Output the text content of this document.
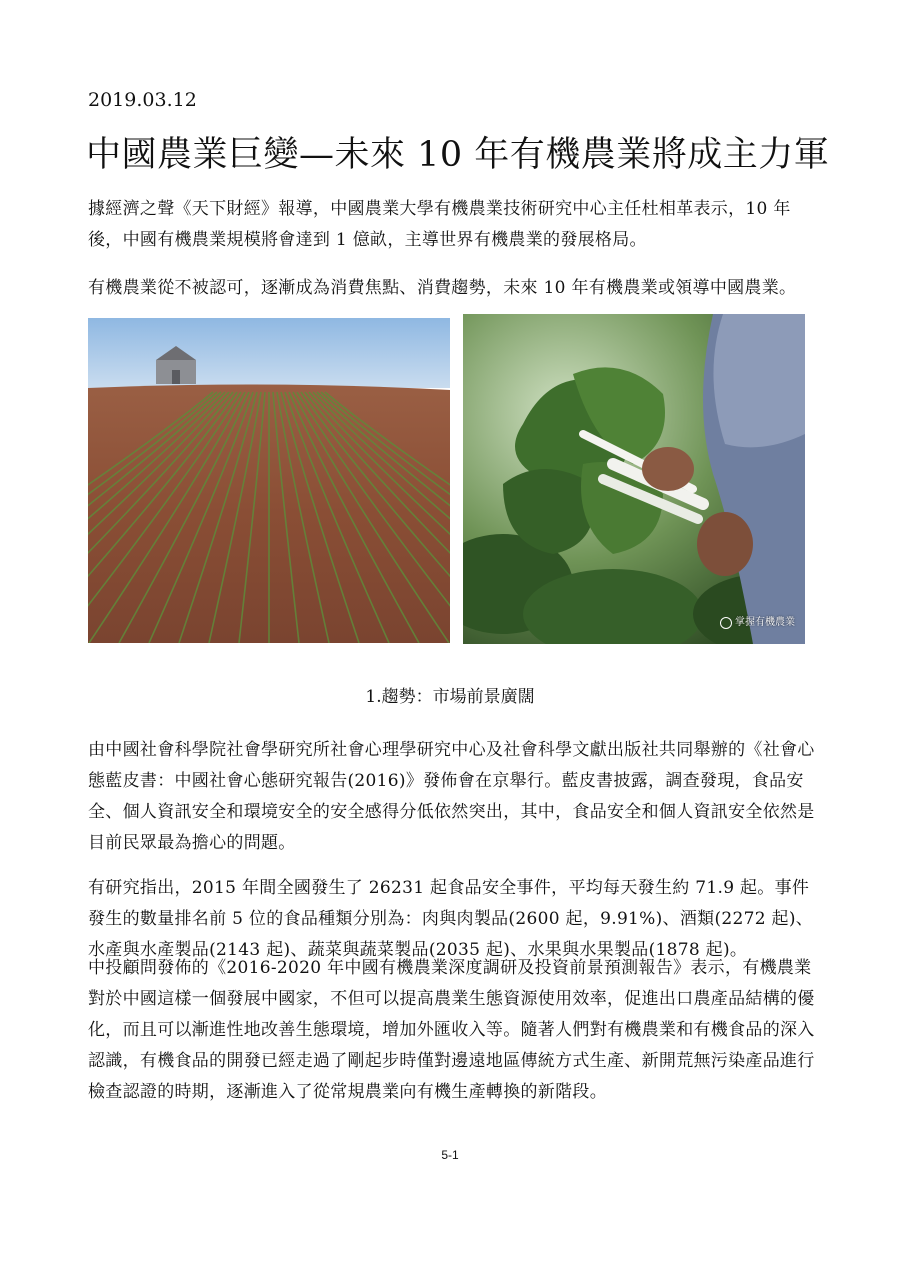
2019.03.12
中國農業巨變—未來 10 年有機農業將成主力軍

據經濟之聲《天下財經》報導，中國農業大學有機農業技術研究中心主任杜相革表示，10 年後，中國有機農業規模將會達到 1 億畝，主導世界有機農業的發展格局。

有機農業從不被認可，逐漸成為消費焦點、消費趨勢，未來 10 年有機農業或領導中國農業。

掌握有機農業
1.趨勢：市場前景廣闊

由中國社會科學院社會學研究所社會心理學研究中心及社會科學文獻出版社共同舉辦的《社會心態藍皮書：中國社會心態研究報告(2016)》發佈會在京舉行。藍皮書披露，調查發現，食品安全、個人資訊安全和環境安全的安全感得分低依然突出，其中，食品安全和個人資訊安全依然是目前民眾最為擔心的問題。

有研究指出，2015 年間全國發生了 26231 起食品安全事件，平均每天發生約 71.9 起。事件發生的數量排名前 5 位的食品種類分別為：肉與肉製品(2600 起，9.91%)、酒類(2272 起)、水產與水產製品(2143 起)、蔬菜與蔬菜製品(2035 起)、水果與水果製品(1878 起)。

中投顧問發佈的《2016-2020 年中國有機農業深度調研及投資前景預測報告》表示，有機農業對於中國這樣一個發展中國家，不但可以提高農業生態資源使用效率，促進出口農產品結構的優化，而且可以漸進性地改善生態環境，增加外匯收入等。隨著人們對有機農業和有機食品的深入認識，有機食品的開發已經走過了剛起步時僅對邊遠地區傳統方式生產、新開荒無污染產品進行檢查認證的時期，逐漸進入了從常規農業向有機生產轉換的新階段。

5-1
